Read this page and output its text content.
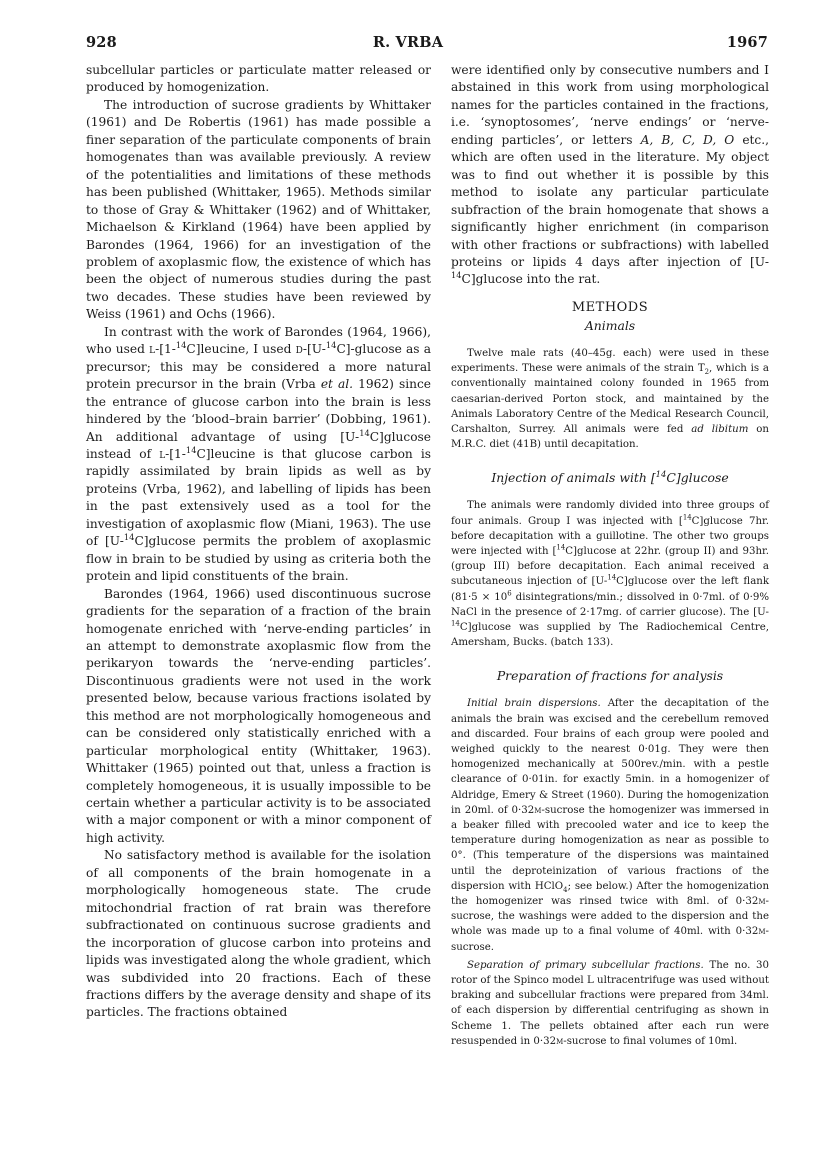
928	R. VRBA	1967

subcellular particles or particulate matter released or produced by homogenization.

The introduction of sucrose gradients by Whittaker (1961) and De Robertis (1961) has made possible a finer separation of the particulate components of brain homogenates than was available previously. A review of the potentialities and limitations of these methods has been published (Whittaker, 1965). Methods similar to those of Gray & Whittaker (1962) and of Whittaker, Michaelson & Kirkland (1964) have been applied by Barondes (1964, 1966) for an investigation of the problem of axoplasmic flow, the existence of which has been the object of numerous studies during the past two decades. These studies have been reviewed by Weiss (1961) and Ochs (1966).

In contrast with the work of Barondes (1964, 1966), who used l-[1-$^{14}$C]leucine, I used d-[U-$^{14}$C]-glucose as a precursor; this may be considered a more natural protein precursor in the brain (Vrba et al. 1962) since the entrance of glucose carbon into the brain is less hindered by the ‘blood–brain barrier’ (Dobbing, 1961). An additional advantage of using [U-$^{14}$C]glucose instead of l-[1-$^{14}$C]leucine is that glucose carbon is rapidly assimilated by brain lipids as well as by proteins (Vrba, 1962), and labelling of lipids has been in the past extensively used as a tool for the investigation of axoplasmic flow (Miani, 1963). The use of [U-$^{14}$C]glucose permits the problem of axoplasmic flow in brain to be studied by using as criteria both the protein and lipid constituents of the brain.

Barondes (1964, 1966) used discontinuous sucrose gradients for the separation of a fraction of the brain homogenate enriched with ‘nerve-ending particles’ in an attempt to demonstrate axoplasmic flow from the perikaryon towards the ‘nerve-ending particles’. Discontinuous gradients were not used in the work presented below, because various fractions isolated by this method are not morphologically homogeneous and can be considered only statistically enriched with a particular morphological entity (Whittaker, 1963). Whittaker (1965) pointed out that, unless a fraction is completely homogeneous, it is usually impossible to be certain whether a particular activity is to be associated with a major component or with a minor component of high activity.

No satisfactory method is available for the isolation of all components of the brain homogenate in a morphologically homogeneous state. The crude mitochondrial fraction of rat brain was therefore subfractionated on continuous sucrose gradients and the incorporation of glucose carbon into proteins and lipids was investigated along the whole gradient, which was subdivided into 20 fractions. Each of these fractions differs by the average density and shape of its particles. The fractions obtained

were identified only by consecutive numbers and I abstained in this work from using morphological names for the particles contained in the fractions, i.e. ‘synoptosomes’, ‘nerve endings’ or ‘nerve-ending particles’, or letters A, B, C, D, O etc., which are often used in the literature. My object was to find out whether it is possible by this method to isolate any particular particulate subfraction of the brain homogenate that shows a significantly higher enrichment (in comparison with other fractions or subfractions) with labelled proteins or lipids 4 days after injection of [U-$^{14}$C]glucose into the rat.

METHODS
Animals

Twelve male rats (40–45g. each) were used in these experiments. These were animals of the strain $T_2$, which is a conventionally maintained colony founded in 1965 from caesarian-derived Porton stock, and maintained by the Animals Laboratory Centre of the Medical Research Council, Carshalton, Surrey. All animals were fed ad libitum on M.R.C. diet (41B) until decapitation.

Injection of animals with [$^{14}$C]glucose

The animals were randomly divided into three groups of four animals. Group I was injected with [$^{14}$C]glucose 7hr. before decapitation with a guillotine. The other two groups were injected with [$^{14}$C]glucose at 22hr. (group II) and 93hr. (group III) before decapitation. Each animal received a subcutaneous injection of [U-$^{14}$C]glucose over the left flank ($81\cdot 5 \times 10^6$ disintegrations/min.; dissolved in 0·7ml. of 0·9% NaCl in the presence of 2·17mg. of carrier glucose). The [U-$^{14}$C]glucose was supplied by The Radiochemical Centre, Amersham, Bucks. (batch 133).

Preparation of fractions for analysis

Initial brain dispersions. After the decapitation of the animals the brain was excised and the cerebellum removed and discarded. Four brains of each group were pooled and weighed quickly to the nearest 0·01g. They were then homogenized mechanically at 500rev./min. with a pestle clearance of 0·01in. for exactly 5min. in a homogenizer of Aldridge, Emery & Street (1960). During the homogenization in 20ml. of 0·32m-sucrose the homogenizer was immersed in a beaker filled with precooled water and ice to keep the temperature during homogenization as near as possible to 0°. (This temperature of the dispersions was maintained until the deproteinization of various fractions of the dispersion with HClO$_4$; see below.) After the homogenization the homogenizer was rinsed twice with 8ml. of 0·32m-sucrose, the washings were added to the dispersion and the whole was made up to a final volume of 40ml. with 0·32m-sucrose.

Separation of primary subcellular fractions. The no. 30 rotor of the Spinco model L ultracentrifuge was used without braking and subcellular fractions were prepared from 34ml. of each dispersion by differential centrifuging as shown in Scheme 1. The pellets obtained after each run were resuspended in 0·32m-sucrose to final volumes of 10ml.
